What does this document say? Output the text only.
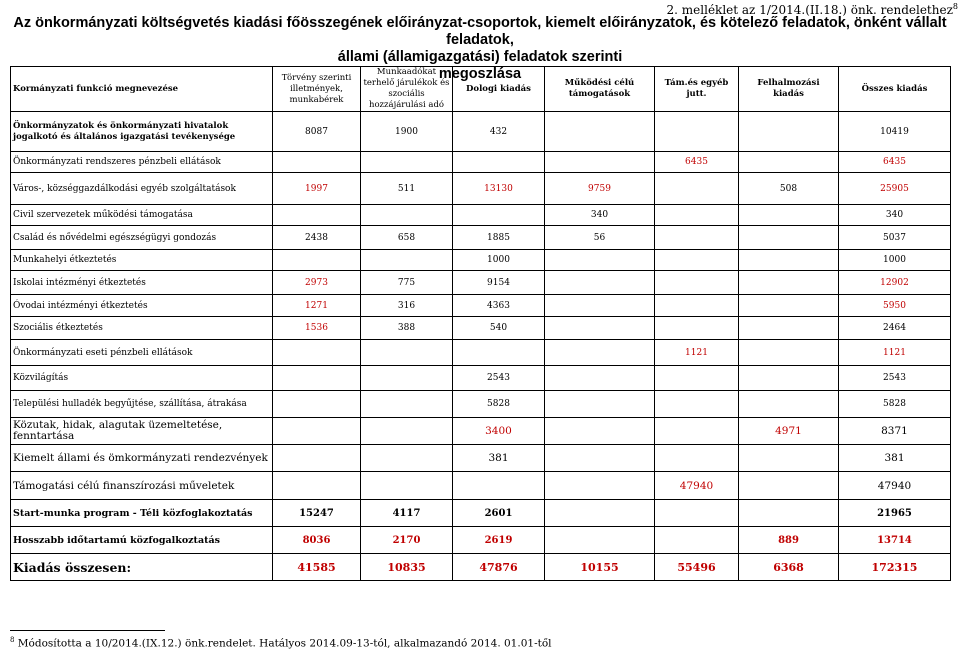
2. melléklet az 1/2014.(II.18.) önk. rendelethez$^8$
Az önkormányzati költségvetés kiadási főösszegének előirányzat-csoportok, kiemelt előirányzatok, és kötelező feladatok, önként vállalt feladatok,
állami (államigazgatási) feladatok szerinti
megoszlása
Kormányzati funkció megnevezése	Törvény szerinti illetmények, munkabérek	Munkaadókat terhelő járulékok és szociális hozzájárulási adó	Dologi kiadás	Működési célú támogatások	Tám.és egyéb jutt.	Felhalmozási kiadás	Összes kiadás
Önkormányzatok és önkormányzati hivatalok jogalkotó és általános igazgatási tevékenysége	8087	1900	432				10419
Önkormányzati rendszeres pénzbeli ellátások					6435		6435
Város-, községgazdálkodási egyéb szolgáltatások	1997	511	13130	9759		508	25905
Civil szervezetek működési támogatása				340			340
Család és nővédelmi egészségügyi gondozás	2438	658	1885	56			5037
Munkahelyi étkeztetés			1000				1000
Iskolai intézményi étkeztetés	2973	775	9154				12902
Óvodai intézményi étkeztetés	1271	316	4363				5950
Szociális étkeztetés	1536	388	540				2464
Önkormányzati eseti pénzbeli ellátások					1121		1121
Közvilágítás			2543				2543
Települési hulladék begyűjtése, szállítása, átrakása			5828				5828
Közutak, hidak, alagutak üzemeltetése, fenntartása			3400			4971	8371
Kiemelt állami és ömkormányzati rendezvények			381				381
Támogatási célú finanszírozási műveletek					47940		47940
Start-munka program - Téli közfoglakoztatás	15247	4117	2601				21965
Hosszabb időtartamú közfogalkoztatás	8036	2170	2619			889	13714
Kiadás összesen:	41585	10835	47876	10155	55496	6368	172315
$^8$ Módosította a 10/2014.(IX.12.) önk.rendelet. Hatályos 2014.09-13-tól, alkalmazandó 2014. 01.01-től
